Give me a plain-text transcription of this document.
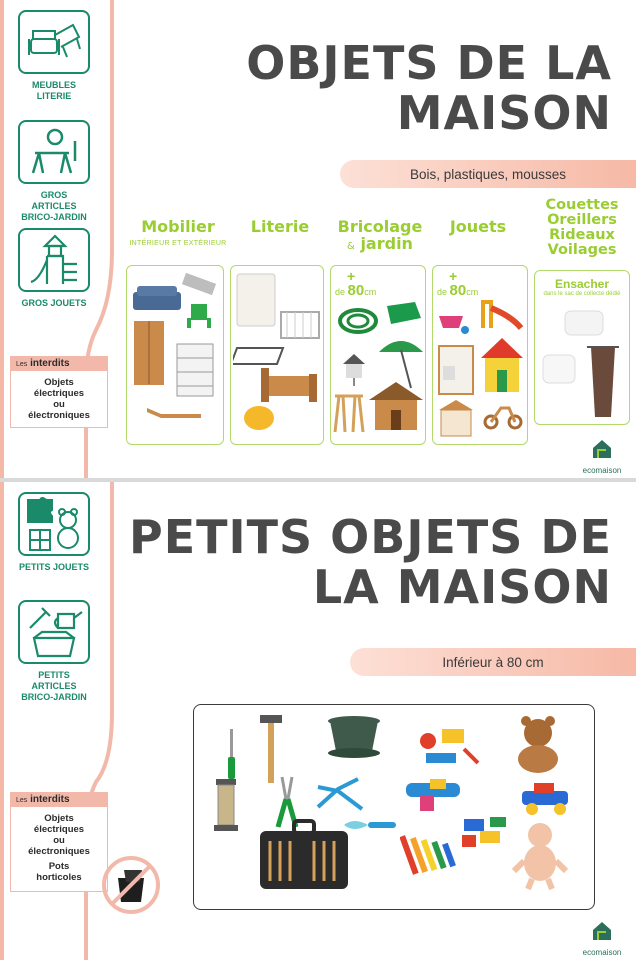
MEUBLES
LITERIE
GROS ARTICLES
BRICO-JARDIN
GROS JOUETS
Les interdits
Objets
électriques
ou
électroniques
OBJETS DE LA
MAISON
Bois, plastiques, mousses
Mobilier
INTÉRIEUR ET EXTÉRIEUR
Literie	Bricolage
& jardin
Jouets
Couettes
Oreillers
Rideaux
Voilages
+
de 80cm
+
de 80cm
Ensacher
dans le sac de collecte dédié
ecomaison
PETITS JOUETS
PETITS ARTICLES
BRICO-JARDIN
Les interdits
Objets
électriques
ou
électroniques
Pots
horticoles
PETITS OBJETS DE
LA MAISON
Inférieur à 80 cm
ecomaison
